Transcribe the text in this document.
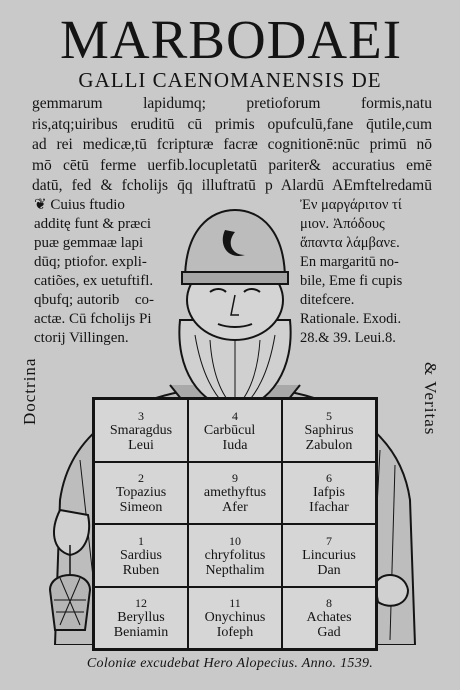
MARBODAEI
GALLI CAENOMANENSIS DE
gemmarum lapidumq; pretioforum formis,natu
ris,atq;uiribus eruditū cū primis opufculū,fane q̄utile,cum
ad rei medicæ,tū fcripturæ facræ cognitionē:nūc primū nō
mō cētū ferme uerfib.locupletatū pariter& accuratius emē
datū, fed & fcholijs q̄q illuftratū p Alardū AEmftelredamū
❦ Cuius ftudio
additę funt & præci
puæ gemmaæ lapi
dūq; ptiofor. expli-
catiões, ex uetuftifl.
qbufq; autorib᷑ co-
actæ. Cū fcholijs Pi
ctorij Villingen.
Ἐν μαργάριτον τί
μιον. Ἀπόδους
ἅπαντα λάμβανε.
En margaritū no-
bile, Eme fi cupis
ditefcere.
Rationale. Exodi.
28.& 39. Leui.8.
Doctrina	& Veritas
3
Smaragdus
Leui
4
Carbūcul᷑
Iuda
5
Saphirus
Zabulon
2
Topazius
Simeon
9
amethyftus
Afer
6
Iafpis
Ifachar
1
Sardius
Ruben
10
chryfolitus
Nepthalim
7
Lincurius
Dan
12
Beryllus
Beniamin
11
Onychinus
Iofeph
8
Achates
Gad
Coloniæ excudebat Hero Alopecius. Anno. 1539.
